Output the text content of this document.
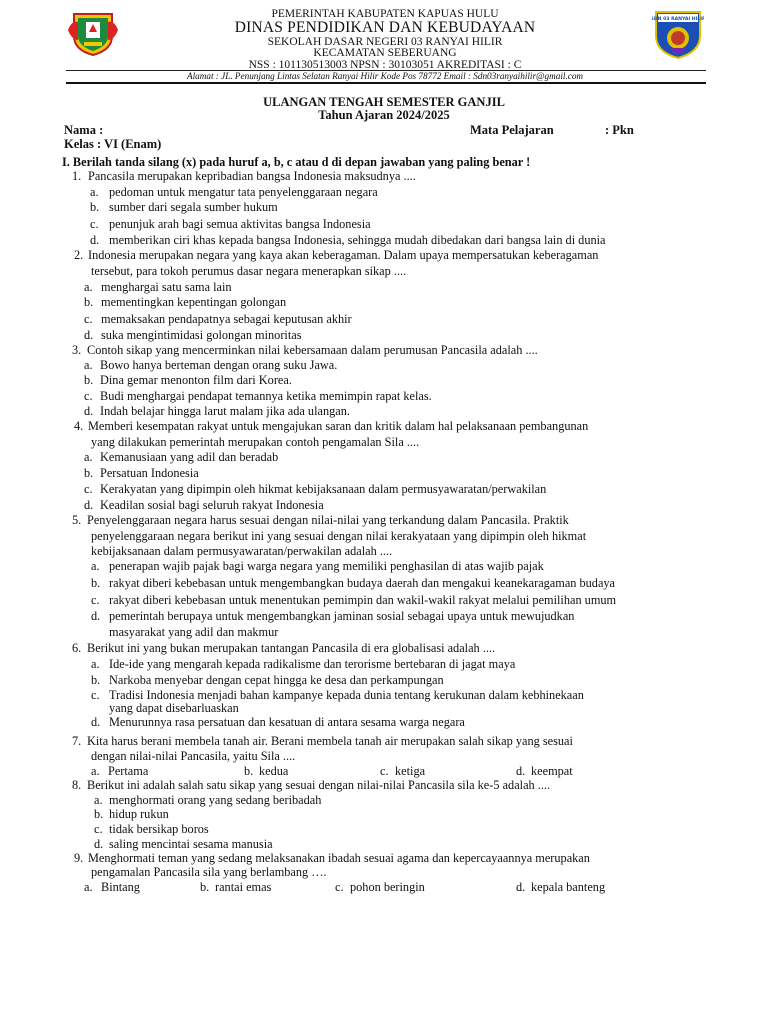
PEMERINTAH KABUPATEN KAPUAS HULU
DINAS PENDIDIKAN DAN KEBUDAYAAN
SEKOLAH DASAR NEGERI 03 RANYAI HILIR
KECAMATAN SEBERUANG
NSS : 101130513003 NPSN : 30103051 AKREDITASI : C
Alamat : JL. Penunjang Lintas Selatan Ranyai Hilir Kode Pos 78772 Email : Sdn03ranyaihilir@gmail.com
SDN 03 RANYAI HILIR
ULANGAN TENGAH SEMESTER GANJIL
Tahun Ajaran 2024/2025
Nama :	Mata Pelajaran	: Pkn
Kelas : VI (Enam)
I. Berilah tanda silang (x) pada huruf a, b, c atau d di depan jawaban yang paling benar !
1. Pancasila merupakan kepribadian bangsa Indonesia maksudnya ....
a. pedoman untuk mengatur tata penyelenggaraan negara
b. sumber dari segala sumber hukum
c. penunjuk arah bagi semua aktivitas bangsa Indonesia
d. memberikan ciri khas kepada bangsa Indonesia, sehingga mudah dibedakan dari bangsa lain di dunia
2. Indonesia merupakan negara yang kaya akan keberagaman. Dalam upaya mempersatukan keberagaman
tersebut, para tokoh perumus dasar negara menerapkan sikap ....
a. menghargai satu sama lain
b. mementingkan kepentingan golongan
c. memaksakan pendapatnya sebagai keputusan akhir
d. suka mengintimidasi golongan minoritas
3. Contoh sikap yang mencerminkan nilai kebersamaan dalam perumusan Pancasila adalah ....
a. Bowo hanya berteman dengan orang suku Jawa.
b. Dina gemar menonton film dari Korea.
c. Budi menghargai pendapat temannya ketika memimpin rapat kelas.
d. Indah belajar hingga larut malam jika ada ulangan.
4. Memberi kesempatan rakyat untuk mengajukan saran dan kritik dalam hal pelaksanaan pembangunan
yang dilakukan pemerintah merupakan contoh pengamalan Sila ....
a. Kemanusiaan yang adil dan beradab
b. Persatuan Indonesia
c. Kerakyatan yang dipimpin oleh hikmat kebijaksanaan dalam permusyawaratan/perwakilan
d. Keadilan sosial bagi seluruh rakyat Indonesia
5. Penyelenggaraan negara harus sesuai dengan nilai-nilai yang terkandung dalam Pancasila. Praktik
penyelenggaraan negara berikut ini yang sesuai dengan nilai kerakyataan yang dipimpin oleh hikmat
kebijaksanaan dalam permusyawaratan/perwakilan adalah ....
a. penerapan wajib pajak bagi warga negara yang memiliki penghasilan di atas wajib pajak
b. rakyat diberi kebebasan untuk mengembangkan budaya daerah dan mengakui keanekaragaman budaya
c. rakyat diberi kebebasan untuk menentukan pemimpin dan wakil-wakil rakyat melalui pemilihan umum
d. pemerintah berupaya untuk mengembangkan jaminan sosial sebagai upaya untuk mewujudkan
masyarakat yang adil dan makmur
6. Berikut ini yang bukan merupakan tantangan Pancasila di era globalisasi adalah ....
a. Ide-ide yang mengarah kepada radikalisme dan terorisme bertebaran di jagat maya
b. Narkoba menyebar dengan cepat hingga ke desa dan perkampungan
c. Tradisi Indonesia menjadi bahan kampanye kepada dunia tentang kerukunan dalam kebhinekaan
yang dapat disebarluaskan
d. Menurunnya rasa persatuan dan kesatuan di antara sesama warga negara
7. Kita harus berani membela tanah air. Berani membela tanah air merupakan salah sikap yang sesuai
dengan nilai-nilai Pancasila, yaitu Sila ....
a. Pertama	b. kedua	c. ketiga	d. keempat
8. Berikut ini adalah salah satu sikap yang sesuai dengan nilai-nilai Pancasila sila ke-5 adalah ....
a. menghormati orang yang sedang beribadah
b. hidup rukun
c. tidak bersikap boros
d. saling mencintai sesama manusia
9. Menghormati teman yang sedang melaksanakan ibadah sesuai agama dan kepercayaannya merupakan
pengamalan Pancasila sila yang berlambang ….
a. Bintang	b. rantai emas	c. pohon beringin	d. kepala banteng
